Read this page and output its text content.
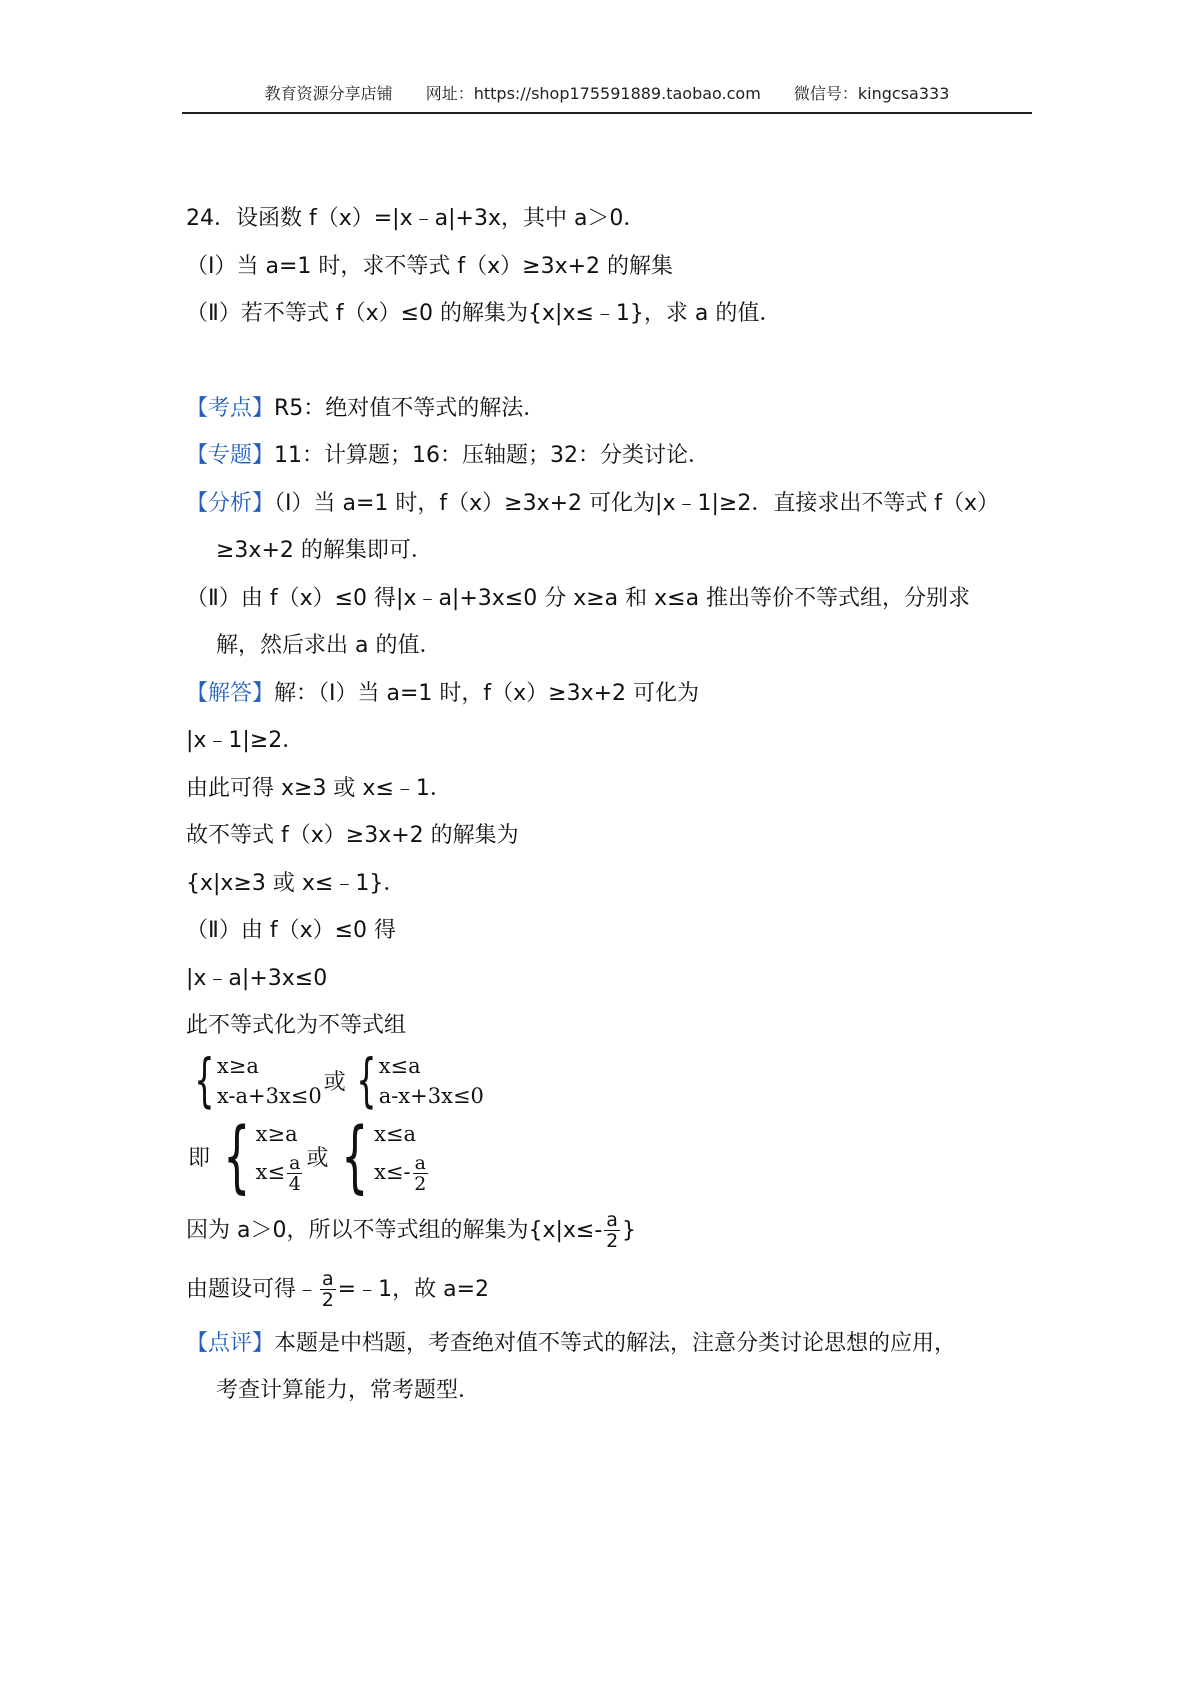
教育资源分享店铺 网址：https://shop175591889.taobao.com 微信号：kingcsa333
24．设函数 f（x）=|x﹣a|+3x，其中 a＞0．
（Ⅰ）当 a=1 时，求不等式 f（x）≥3x+2 的解集
（Ⅱ）若不等式 f（x）≤0 的解集为{x|x≤﹣1}，求 a 的值．
【考点】R5：绝对值不等式的解法．
【专题】11：计算题；16：压轴题；32：分类讨论．
【分析】（Ⅰ）当 a=1 时，f（x）≥3x+2 可化为|x﹣1|≥2．直接求出不等式 f（x）
≥3x+2 的解集即可．
（Ⅱ）由 f（x）≤0 得|x﹣a|+3x≤0 分 x≥a 和 x≤a 推出等价不等式组，分别求
解，然后求出 a 的值．
【解答】解：（Ⅰ）当 a=1 时，f（x）≥3x+2 可化为
|x﹣1|≥2．
由此可得 x≥3 或 x≤﹣1．
故不等式 f（x）≥3x+2 的解集为
{x|x≥3 或 x≤﹣1}．
（Ⅱ）由 f（x）≤0 得
|x﹣a|+3x≤0
此不等式化为不等式组
{ x≥a
x-a+3x≤0
或 { x≤a
a-x+3x≤0
即 { x≥a
$x\le \frac{a}{4}$ 或 { x≤a
$x\le- \frac{a}{2}$
因为 a＞0，所以不等式组的解集为{$x|x\le- \frac{a}{2}$ }
由题设可得﹣ $\frac{a}{2}$ =﹣1，故 a=2
【点评】本题是中档题，考查绝对值不等式的解法，注意分类讨论思想的应用，
考查计算能力，常考题型．
